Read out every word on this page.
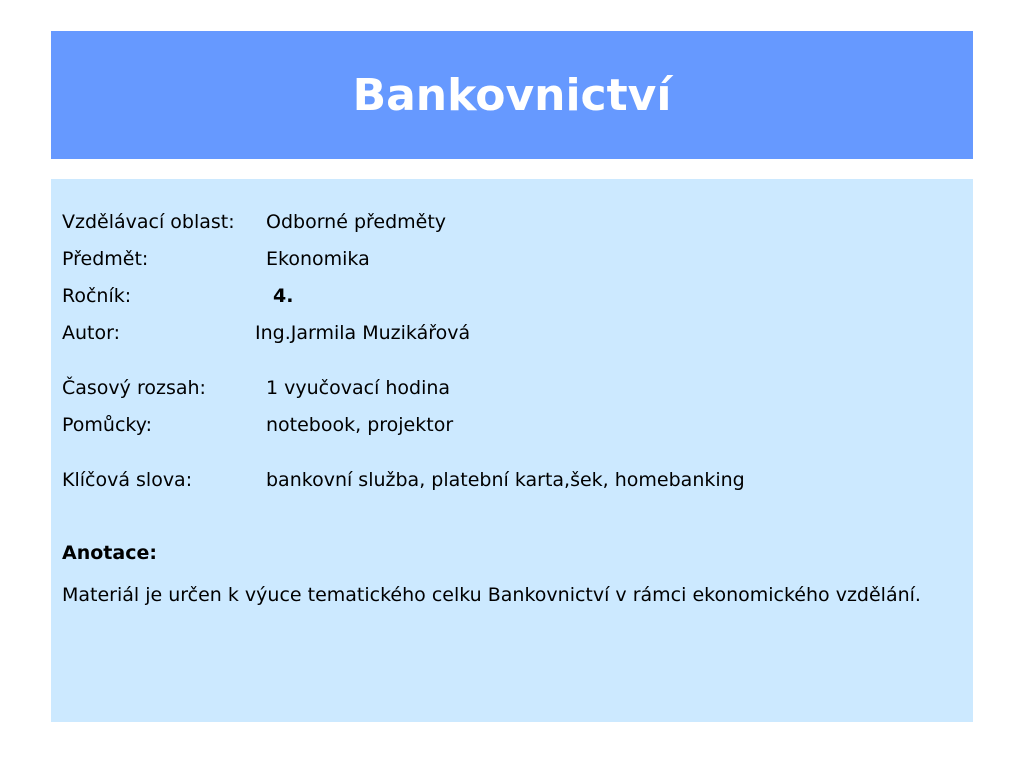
Bankovnictví
Vzdělávací oblast: Odborné předměty
Předmět:	Ekonomika
Ročník:	4.
Autor:	Ing.Jarmila Muzikářová
Časový rozsah:	1 vyučovací hodina
Pomůcky:	notebook, projektor
Klíčová slova:	bankovní služba, platební karta,šek, homebanking
Anotace:
Materiál je určen k výuce tematického celku Bankovnictví v rámci ekonomického vzdělání.
